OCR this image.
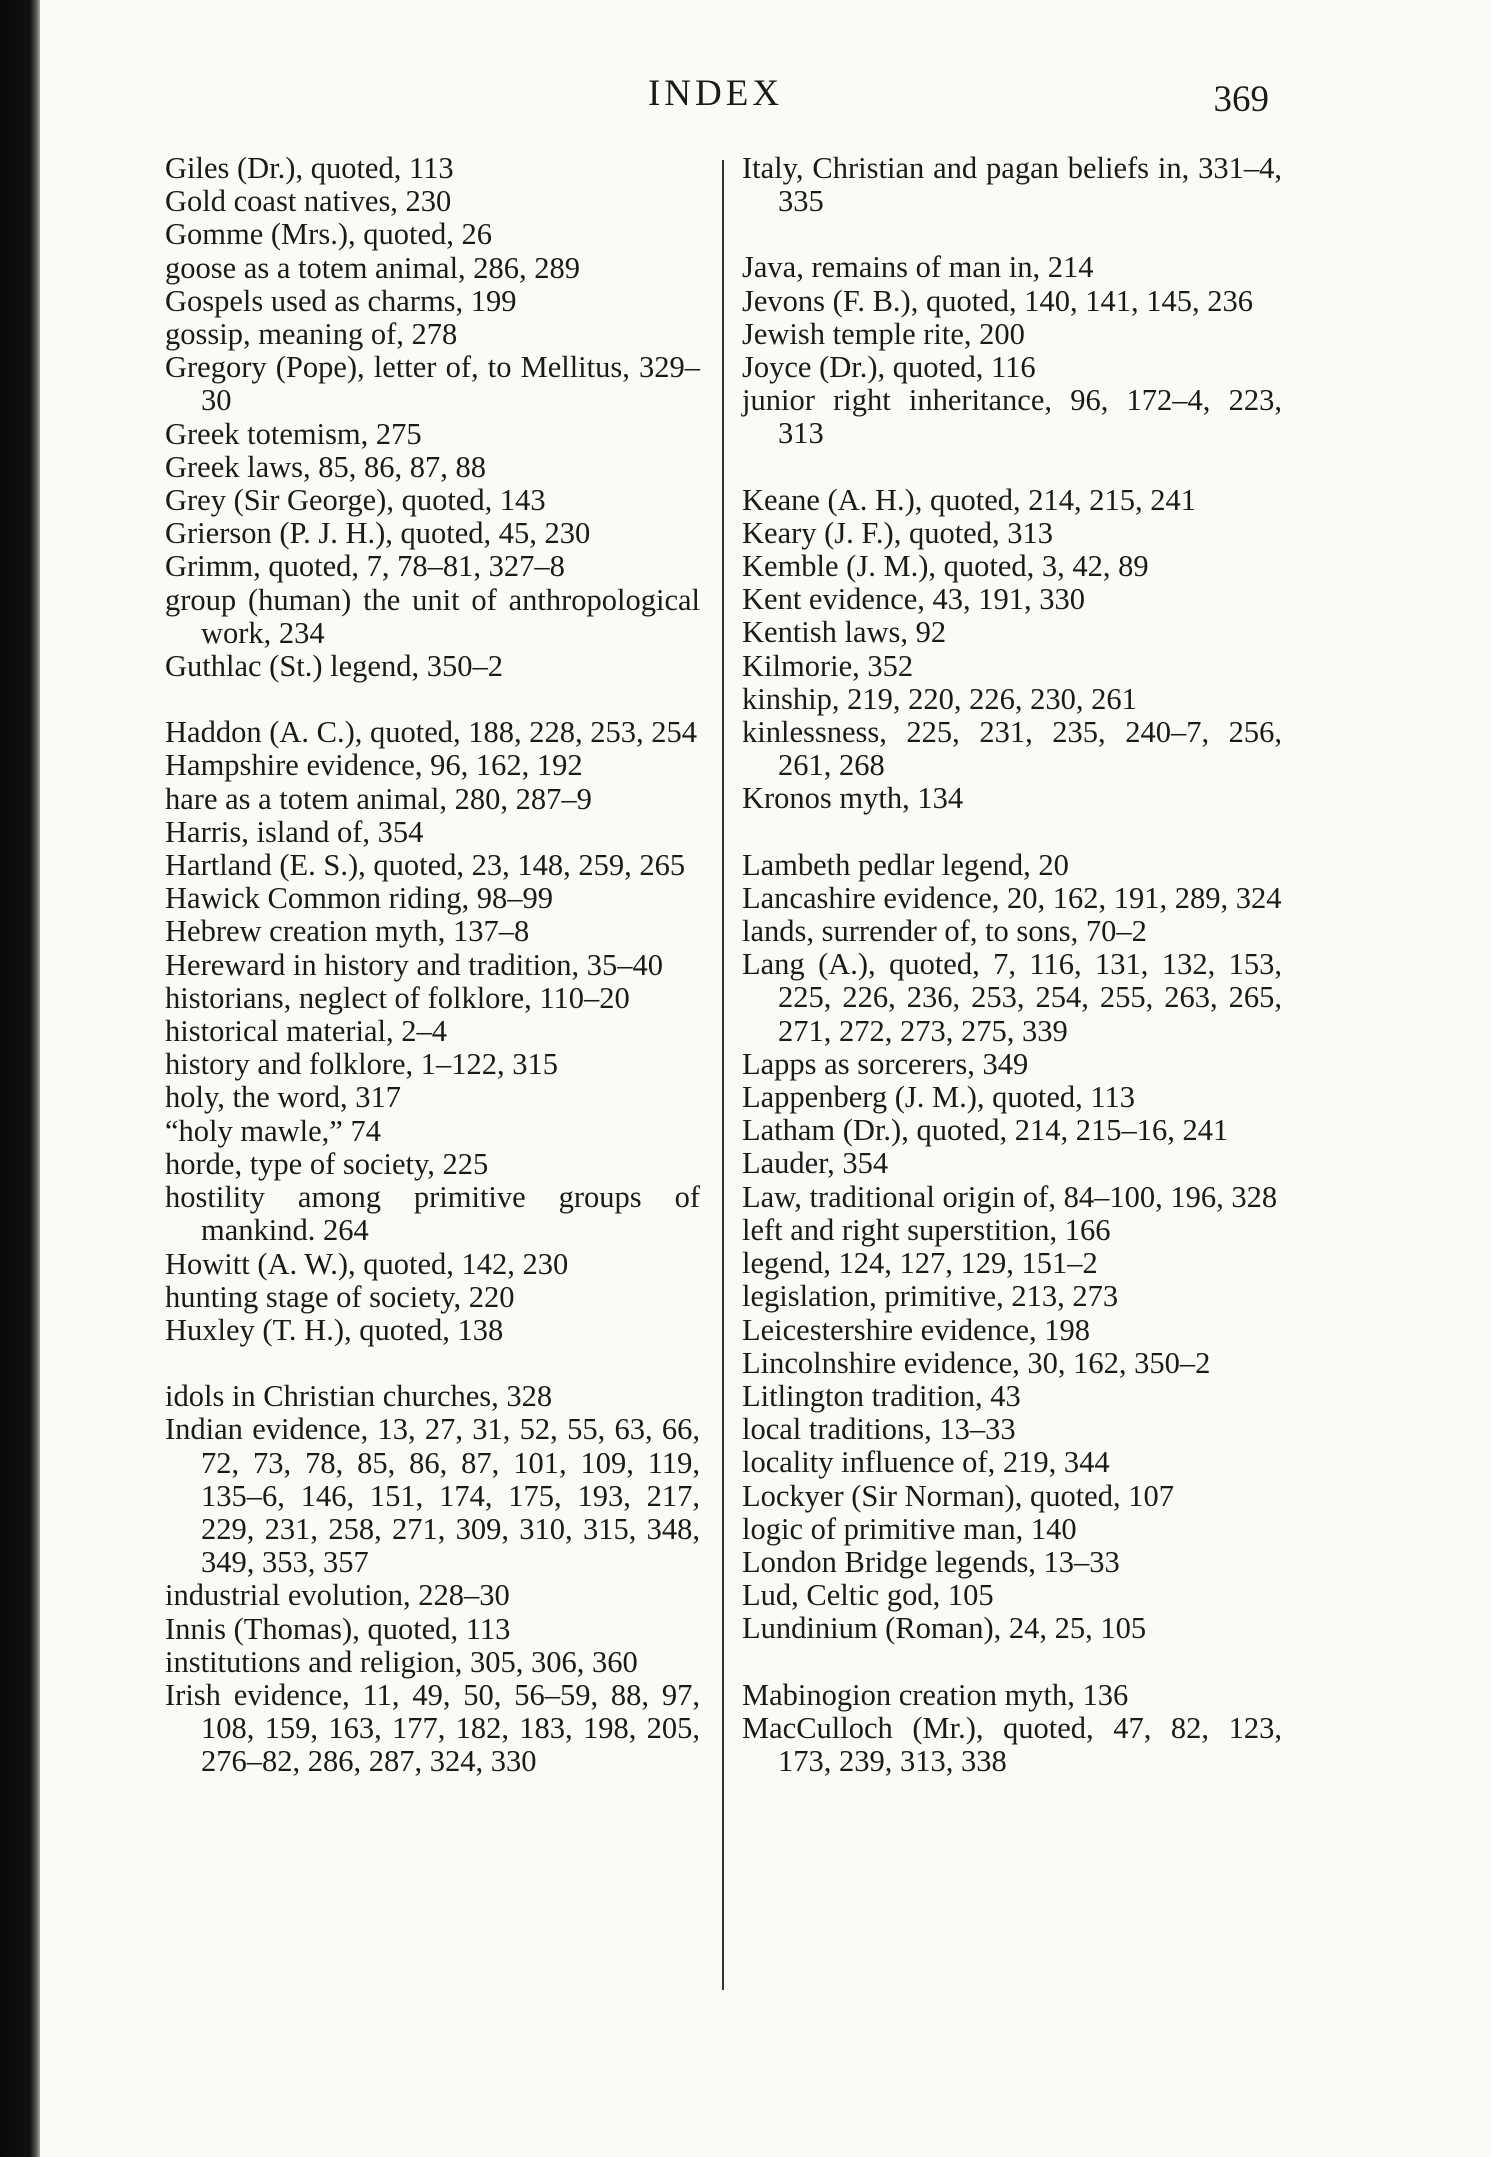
INDEX	369
Giles (Dr.), quoted, 113
Gold coast natives, 230
Gomme (Mrs.), quoted, 26
goose as a totem animal, 286, 289
Gospels used as charms, 199
gossip, meaning of, 278
Gregory (Pope), letter of, to Mellitus, 329–30
Greek totemism, 275
Greek laws, 85, 86, 87, 88
Grey (Sir George), quoted, 143
Grierson (P. J. H.), quoted, 45, 230
Grimm, quoted, 7, 78–81, 327–8
group (human) the unit of anthropological work, 234
Guthlac (St.) legend, 350–2
Haddon (A. C.), quoted, 188, 228, 253, 254
Hampshire evidence, 96, 162, 192
hare as a totem animal, 280, 287–9
Harris, island of, 354
Hartland (E. S.), quoted, 23, 148, 259, 265
Hawick Common riding, 98–99
Hebrew creation myth, 137–8
Hereward in history and tradition, 35–40
historians, neglect of folklore, 110–20
historical material, 2–4
history and folklore, 1–122, 315
holy, the word, 317
“holy mawle,” 74
horde, type of society, 225
hostility among primitive groups of mankind. 264
Howitt (A. W.), quoted, 142, 230
hunting stage of society, 220
Huxley (T. H.), quoted, 138
idols in Christian churches, 328
Indian evidence, 13, 27, 31, 52, 55, 63, 66, 72, 73, 78, 85, 86, 87, 101, 109, 119, 135–6, 146, 151, 174, 175, 193, 217, 229, 231, 258, 271, 309, 310, 315, 348, 349, 353, 357
industrial evolution, 228–30
Innis (Thomas), quoted, 113
institutions and religion, 305, 306, 360
Irish evidence, 11, 49, 50, 56–59, 88, 97, 108, 159, 163, 177, 182, 183, 198, 205, 276–82, 286, 287, 324, 330
Italy, Christian and pagan beliefs in, 331–4, 335
Java, remains of man in, 214
Jevons (F. B.), quoted, 140, 141, 145, 236
Jewish temple rite, 200
Joyce (Dr.), quoted, 116
junior right inheritance, 96, 172–4, 223, 313
Keane (A. H.), quoted, 214, 215, 241
Keary (J. F.), quoted, 313
Kemble (J. M.), quoted, 3, 42, 89
Kent evidence, 43, 191, 330
Kentish laws, 92
Kilmorie, 352
kinship, 219, 220, 226, 230, 261
kinlessness, 225, 231, 235, 240–7, 256, 261, 268
Kronos myth, 134
Lambeth pedlar legend, 20
Lancashire evidence, 20, 162, 191, 289, 324
lands, surrender of, to sons, 70–2
Lang (A.), quoted, 7, 116, 131, 132, 153, 225, 226, 236, 253, 254, 255, 263, 265, 271, 272, 273, 275, 339
Lapps as sorcerers, 349
Lappenberg (J. M.), quoted, 113
Latham (Dr.), quoted, 214, 215–16, 241
Lauder, 354
Law, traditional origin of, 84–100, 196, 328
left and right superstition, 166
legend, 124, 127, 129, 151–2
legislation, primitive, 213, 273
Leicestershire evidence, 198
Lincolnshire evidence, 30, 162, 350–2
Litlington tradition, 43
local traditions, 13–33
locality influence of, 219, 344
Lockyer (Sir Norman), quoted, 107
logic of primitive man, 140
London Bridge legends, 13–33
Lud, Celtic god, 105
Lundinium (Roman), 24, 25, 105
Mabinogion creation myth, 136
MacCulloch (Mr.), quoted, 47, 82, 123, 173, 239, 313, 338
